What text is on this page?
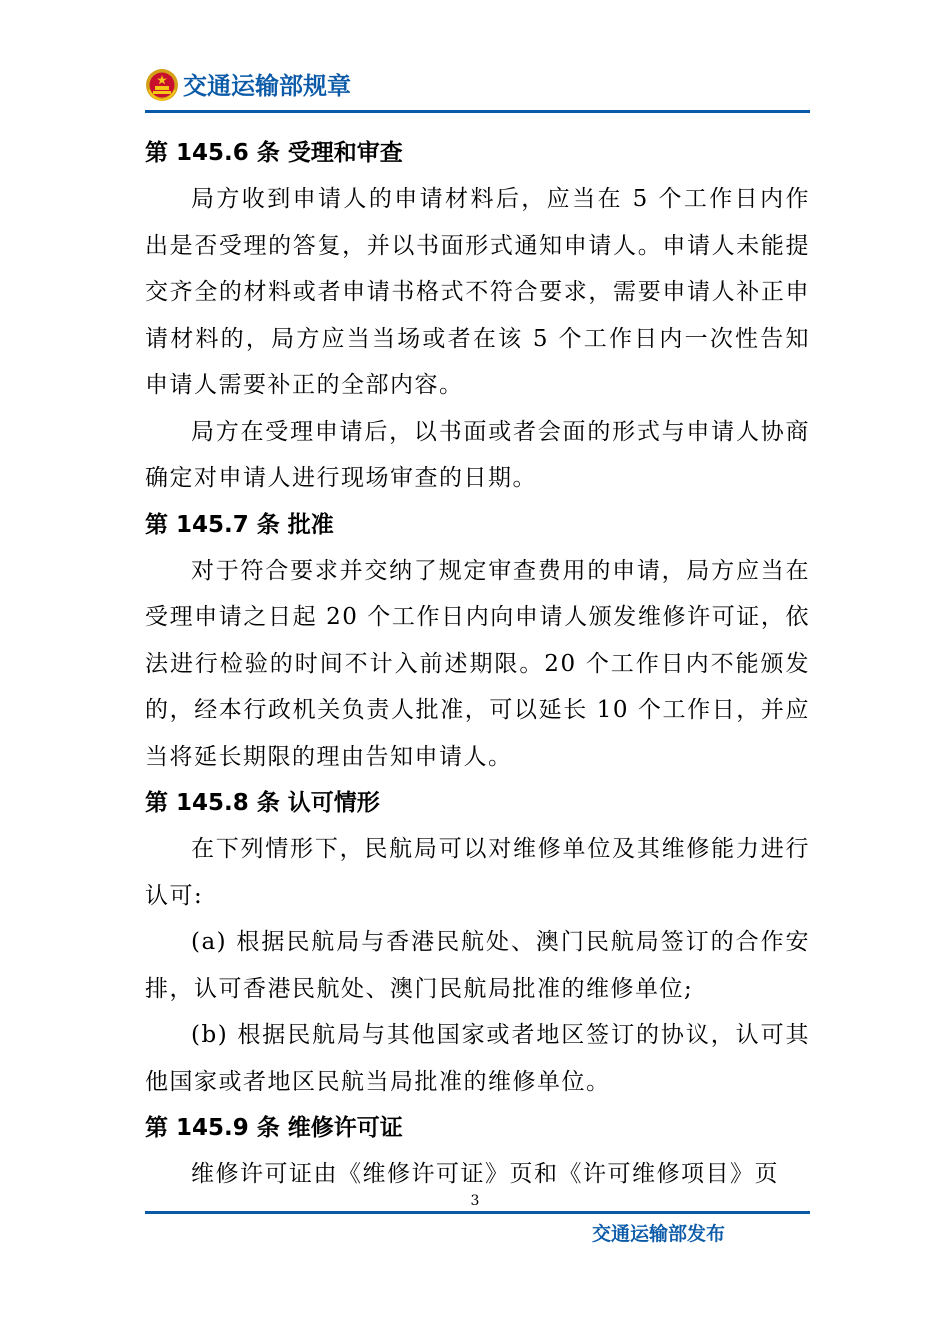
交通运输部规章

第 145.6 条 受理和审查

局方收到申请人的申请材料后，应当在 5 个工作日内作出是否受理的答复，并以书面形式通知申请人。申请人未能提交齐全的材料或者申请书格式不符合要求，需要申请人补正申请材料的，局方应当当场或者在该 5 个工作日内一次性告知申请人需要补正的全部内容。

局方在受理申请后，以书面或者会面的形式与申请人协商确定对申请人进行现场审查的日期。

第 145.7 条 批准

对于符合要求并交纳了规定审查费用的申请，局方应当在受理申请之日起 20 个工作日内向申请人颁发维修许可证，依法进行检验的时间不计入前述期限。20 个工作日内不能颁发的，经本行政机关负责人批准，可以延长 10 个工作日，并应当将延长期限的理由告知申请人。

第 145.8 条 认可情形

在下列情形下，民航局可以对维修单位及其维修能力进行认可:

(a) 根据民航局与香港民航处、澳门民航局签订的合作安排，认可香港民航处、澳门民航局批准的维修单位;

(b) 根据民航局与其他国家或者地区签订的协议，认可其他国家或者地区民航当局批准的维修单位。

第 145.9 条 维修许可证

维修许可证由《维修许可证》页和《许可维修项目》页

3
交通运输部发布
